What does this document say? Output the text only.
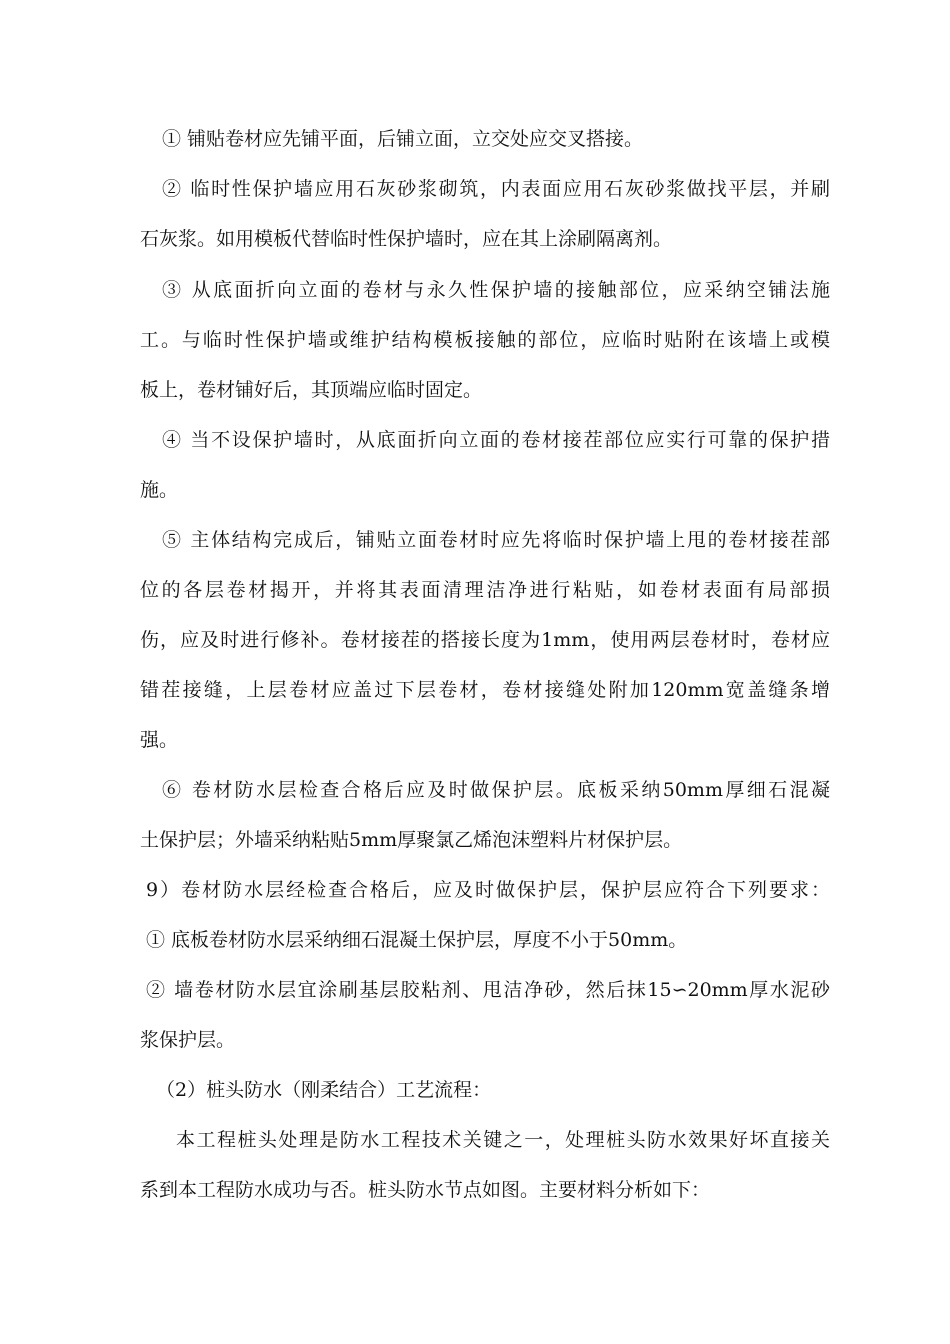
① 铺贴卷材应先铺平面，后铺立面，立交处应交叉搭接。
② 临时性保护墙应用石灰砂浆砌筑，内表面应用石灰砂浆做找平层，并刷
石灰浆。如用模板代替临时性保护墙时，应在其上涂刷隔离剂。
③ 从底面折向立面的卷材与永久性保护墙的接触部位，应采纳空铺法施
工。与临时性保护墙或维护结构模板接触的部位，应临时贴附在该墙上或模
板上，卷材铺好后，其顶端应临时固定。
④ 当不设保护墙时，从底面折向立面的卷材接茬部位应实行可靠的保护措
施。
⑤ 主体结构完成后，铺贴立面卷材时应先将临时保护墙上甩的卷材接茬部
位的各层卷材揭开，并将其表面清理洁净进行粘贴，如卷材表面有局部损
伤，应及时进行修补。卷材接茬的搭接长度为1mm，使用两层卷材时，卷材应
错茬接缝，上层卷材应盖过下层卷材，卷材接缝处附加120mm宽盖缝条增
强。
⑥ 卷材防水层检查合格后应及时做保护层。底板采纳50mm厚细石混凝
土保护层；外墙采纳粘贴5mm厚聚氯乙烯泡沫塑料片材保护层。
9）卷材防水层经检查合格后，应及时做保护层，保护层应符合下列要求：
① 底板卷材防水层采纳细石混凝土保护层，厚度不小于50mm。
② 墙卷材防水层宜涂刷基层胶粘剂、甩洁净砂，然后抹15∽20mm厚水泥砂
浆保护层。
（2）桩头防水（刚柔结合）工艺流程：
本工程桩头处理是防水工程技术关键之一，处理桩头防水效果好坏直接关
系到本工程防水成功与否。桩头防水节点如图。主要材料分析如下：
